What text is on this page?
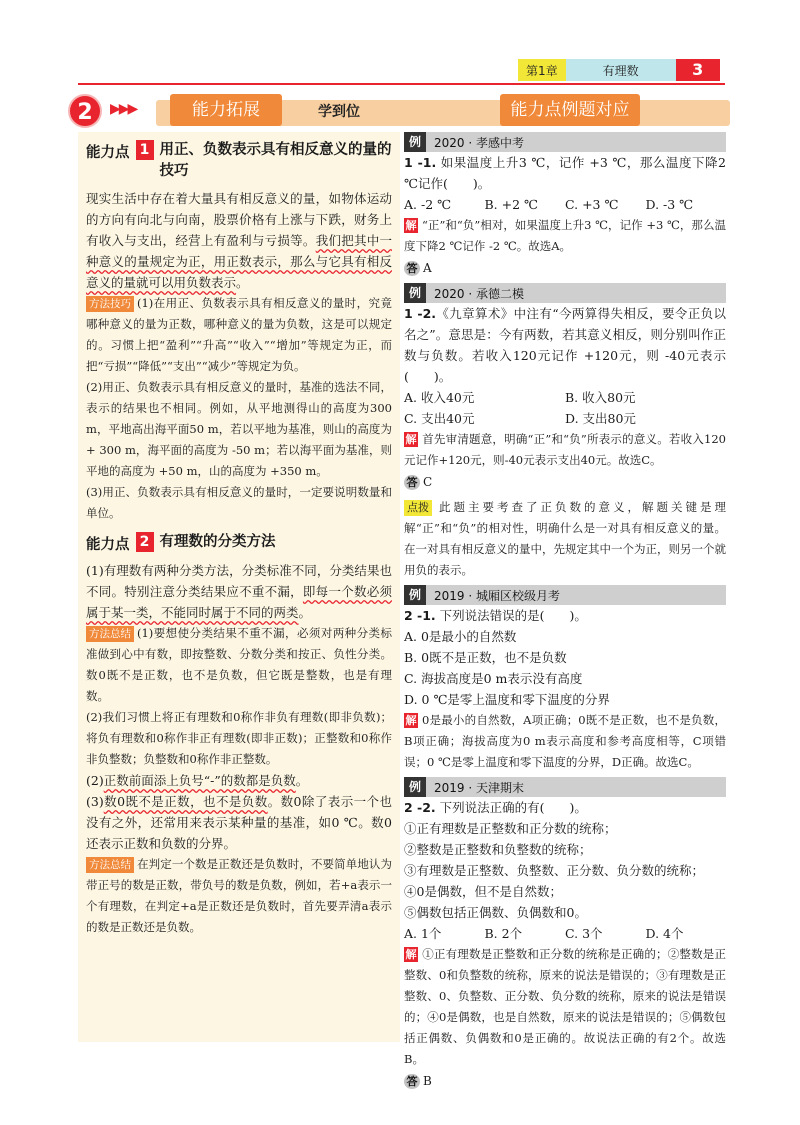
第1章	有理数	3
2	▶▶▶	能力拓展	学到位	能力点例题对应
能力点 1 用正、负数表示具有相反意义的量的技巧

现实生活中存在着大量具有相反意义的量，如物体运动的方向有向北与向南，股票价格有上涨与下跌，财务上有收入与支出，经营上有盈利与亏损等。我们把其中一种意义的量规定为正，用正数表示，那么与它具有相反意义的量就可以用负数表示。

方法技巧 (1)在用正、负数表示具有相反意义的量时，究竟哪种意义的量为正数，哪种意义的量为负数，这是可以规定的。习惯上把“盈利”“升高”“收入”“增加”等规定为正，而把“亏损”“降低”“支出”“减少”等规定为负。

(2)用正、负数表示具有相反意义的量时，基准的选法不同，表示的结果也不相同。例如，从平地测得山的高度为300 m，平地高出海平面50 m，若以平地为基准，则山的高度为 + 300 m，海平面的高度为 -50 m；若以海平面为基准，则平地的高度为 +50 m，山的高度为 +350 m。

(3)用正、负数表示具有相反意义的量时，一定要说明数量和单位。

能力点 2 有理数的分类方法

(1)有理数有两种分类方法，分类标准不同，分类结果也不同。特别注意分类结果应不重不漏，即每一个数必须属于某一类，不能同时属于不同的两类。

方法总结 (1)要想使分类结果不重不漏，必须对两种分类标准做到心中有数，即按整数、分数分类和按正、负性分类。数0既不是正数，也不是负数，但它既是整数，也是有理数。

(2)我们习惯上将正有理数和0称作非负有理数(即非负数)；将负有理数和0称作非正有理数(即非正数)；正整数和0称作非负整数；负整数和0称作非正整数。

(2)正数前面添上负号“-”的数都是负数。

(3)数0既不是正数，也不是负数。数0除了表示一个也没有之外，还常用来表示某种量的基准，如0 ℃。数0还表示正数和负数的分界。

方法总结 在判定一个数是正数还是负数时，不要简单地认为带正号的数是正数，带负号的数是负数，例如，若+a表示一个有理数，在判定+a是正数还是负数时，首先要弄清a表示的数是正数还是负数。

例	2020 · 孝感中考

1 -1. 如果温度上升3 ℃，记作 +3 ℃，那么温度下降2 ℃记作(　　)。

A. -2 ℃	B. +2 ℃	C. +3 ℃	D. -3 ℃

解 “正”和“负”相对，如果温度上升3 ℃，记作 +3 ℃，那么温度下降2 ℃记作 -2 ℃。故选A。

答 A

例	2020 · 承德二模

1 -2.《九章算术》中注有“今两算得失相反，要令正负以名之”。意思是：今有两数，若其意义相反，则分别叫作正数与负数。若收入120元记作 +120元，则 -40元表示(　　)。

A. 收入40元	B. 收入80元
C. 支出40元	D. 支出80元

解 首先审清题意，明确“正”和“负”所表示的意义。若收入120元记作+120元，则-40元表示支出40元。故选C。

答 C

点拨 此题主要考查了正负数的意义，解题关键是理解“正”和“负”的相对性，明确什么是一对具有相反意义的量。在一对具有相反意义的量中，先规定其中一个为正，则另一个就用负的表示。

例	2019 · 城厢区校级月考

2 -1. 下列说法错误的是(　　)。

A. 0是最小的自然数

B. 0既不是正数，也不是负数

C. 海拔高度是0 m表示没有高度

D. 0 ℃是零上温度和零下温度的分界

解 0是最小的自然数，A项正确；0既不是正数，也不是负数，B项正确；海拔高度为0 m表示高度和参考高度相等，C项错误；0 ℃是零上温度和零下温度的分界，D正确。故选C。

例	2019 · 天津期末

2 -2. 下列说法正确的有(　　)。

①正有理数是正整数和正分数的统称；

②整数是正整数和负整数的统称；

③有理数是正整数、负整数、正分数、负分数的统称；

④0是偶数，但不是自然数；

⑤偶数包括正偶数、负偶数和0。

A. 1个	B. 2个	C. 3个	D. 4个

解 ①正有理数是正整数和正分数的统称是正确的；②整数是正整数、0和负整数的统称，原来的说法是错误的；③有理数是正整数、0、负整数、正分数、负分数的统称，原来的说法是错误的；④0是偶数，也是自然数，原来的说法是错误的；⑤偶数包括正偶数、负偶数和0是正确的。故说法正确的有2个。故选B。

答 B
